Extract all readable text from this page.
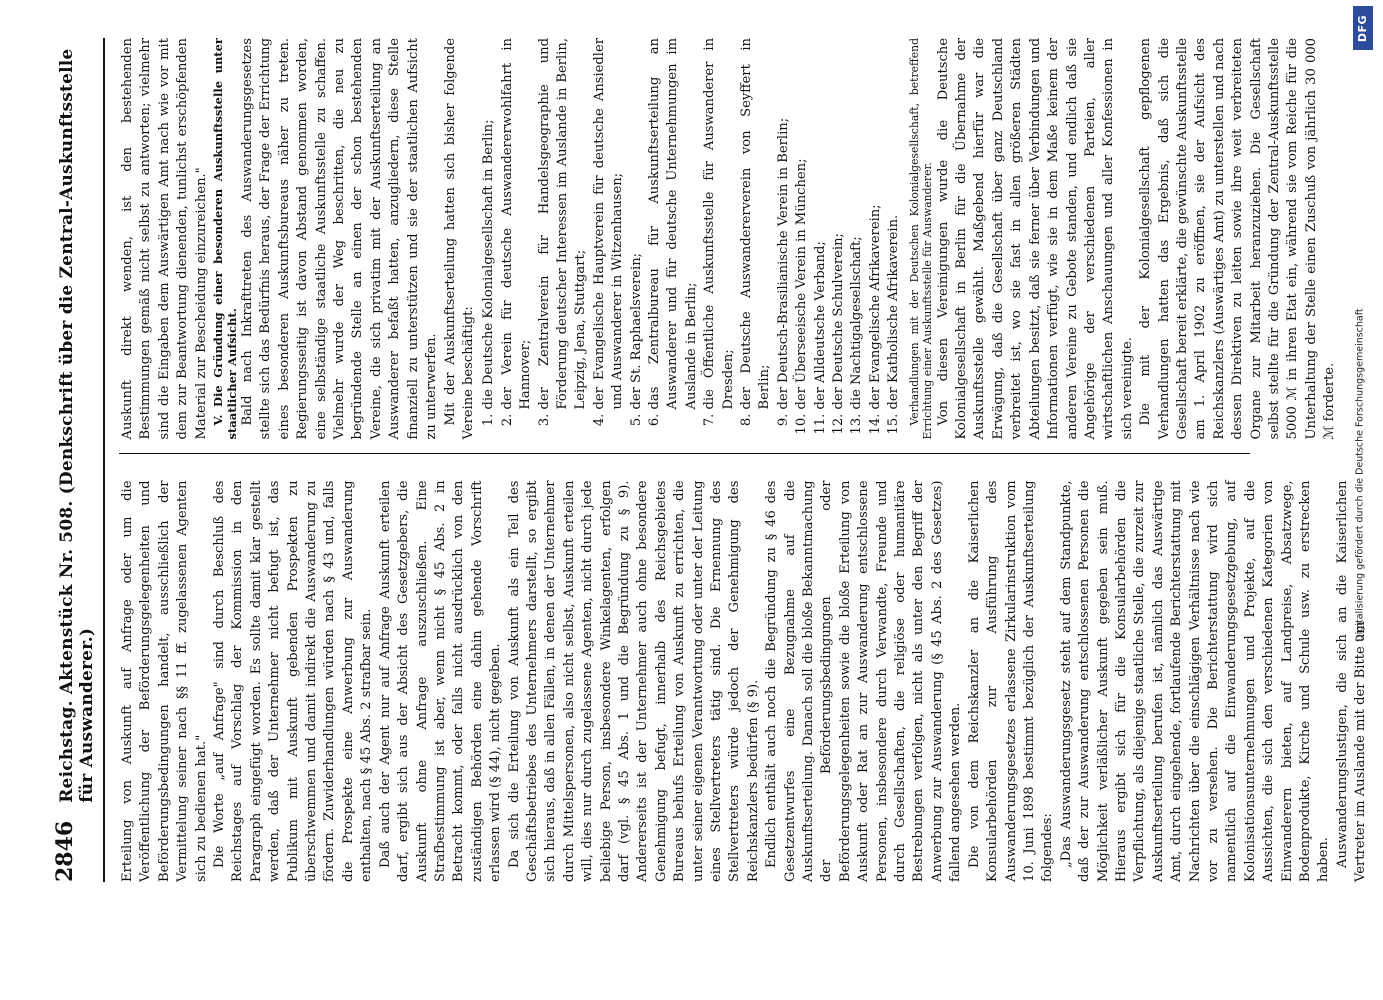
2846
Reichstag. Aktenstück Nr. 508. (Denkschrift über die Zentral-Auskunftsstelle für Auswanderer.) Erteilung von Auskunft auf Anfrage oder um die Veröffentlichung der Beförderungsgelegenheiten und Beförderungsbedingungen handelt, ausschließlich der Vermittelung seiner nach §§ 11 ff. zugelassenen Agenten sich zu bedienen hat." Die Worte „auf Anfrage" sind durch Beschluß des Reichstages auf Vorschlag der Kommission in den Paragraph eingefügt worden. Es sollte damit klar gestellt werden, daß der Unternehmer nicht befugt ist, das Publikum mit Auskunft gebenden Prospekten zu überschwemmen und damit indirekt die Auswanderung zu fördern. Zuwiderhandlungen würden nach § 43 und, falls die Prospekte eine Anwerbung zur Auswanderung enthalten, nach § 45 Abs. 2 strafbar sein. Daß auch der Agent nur auf Anfrage Auskunft erteilen darf, ergibt sich aus der Absicht des Gesetzgebers, die Auskunft ohne Anfrage auszuschließen. Eine Strafbestimmung ist aber, wenn nicht § 45 Abs. 2 in Betracht kommt, oder falls nicht ausdrücklich von den zuständigen Behörden eine dahin gehende Vorschrift erlassen wird (§ 44), nicht gegeben. Da sich die Erteilung von Auskunft als ein Teil des Geschäftsbetriebes des Unternehmers darstellt, so ergibt sich hieraus, daß in allen Fällen, in denen der Unternehmer durch Mittelspersonen, also nicht selbst, Auskunft erteilen will, dies nur durch zugelassene Agenten, nicht durch jede beliebige Person, insbesondere Winkelagenten, erfolgen darf (vgl. § 45 Abs. 1 und die Begründung zu § 9). Andererseits ist der Unternehmer auch ohne besondere Genehmigung befugt, innerhalb des Reichsgebietes Bureaus behufs Erteilung von Auskunft zu errichten, die unter seiner eigenen Verantwortung oder unter der Leitung eines Stellvertreters tätig sind. Die Ernennung des Stellvertreters würde jedoch der Genehmigung des Reichskanzlers bedürfen (§ 9). Endlich enthält auch noch die Begründung zu § 46 des Gesetzentwurfes eine Bezugnahme auf die Auskunftserteilung. Danach soll die bloße Bekanntmachung der Beförderungsbedingungen oder Beförderungsgelegenheiten sowie die bloße Erteilung von Auskunft oder Rat an zur Auswanderung entschlossene Personen, insbesondere durch Verwandte, Freunde und durch Gesellschaften, die religiöse oder humanitäre Bestrebungen verfolgen, nicht als unter den Begriff der Anwerbung zur Auswanderung (§ 45 Abs. 2 des Gesetzes) fallend angesehen werden. Die von dem Reichskanzler an die Kaiserlichen Konsularbehörden zur Ausführung des Auswanderungsgesetzes erlassene Zirkularinstruktion vom 10. Juni 1898 bestimmt bezüglich der Auskunftserteilung folgendes: „Das Auswanderungsgesetz steht auf dem Standpunkte, daß der zur Auswanderung entschlossenen Personen die Möglichkeit verläßlicher Auskunft gegeben sein muß. Hieraus ergibt sich für die Konsularbehörden die Verpflichtung, als diejenige staatliche Stelle, die zurzeit zur Auskunftserteilung berufen ist, nämlich das Auswärtige Amt, durch eingehende, fortlaufende Berichterstattung mit Nachrichten über die einschlägigen Verhältnisse nach wie vor zu versehen. Die Berichterstattung wird sich namentlich auf die Einwanderungsgesetzgebung, auf Kolonisationsunternehmungen und Projekte, auf die Aussichten, die sich den verschiedenen Kategorien von Einwanderern bieten, auf Landpreise, Absatzwege, Bodenprodukte, Kirche und Schule usw. zu erstrecken haben. Auswanderungslustigen, die sich an die Kaiserlichen Vertreter im Auslande mit der Bitte um

Auskunft direkt wenden, ist den bestehenden Bestimmungen gemäß nicht selbst zu antworten; vielmehr sind die Eingaben dem Auswärtigen Amt nach wie vor mit dem zur Beantwortung dienenden, tunlichst erschöpfenden Material zur Bescheidung einzureichen." V. Die Gründung einer besonderen Auskunftsstelle unter staatlicher Aufsicht. Bald nach Inkrafttreten des Auswanderungsgesetzes stellte sich das Bedürfnis heraus, der Frage der Errichtung eines besonderen Auskunftsbureaus näher zu treten. Regierungsseitig ist davon Abstand genommen worden, eine selbständige staatliche Auskunftsstelle zu schaffen. Vielmehr wurde der Weg beschritten, die neu zu begründende Stelle an einen der schon bestehenden Vereine, die sich privatim mit der Auskunftserteilung an Auswanderer befaßt hatten, anzugliedern, diese Stelle finanziell zu unterstützen und sie der staatlichen Aufsicht zu unterwerfen. Mit der Auskunftserteilung hatten sich bisher folgende Vereine beschäftigt: 1. die Deutsche Kolonialgesellschaft in Berlin; 2. der Verein für deutsche Auswandererwohlfahrt in Hannover; 3. der Zentralverein für Handelsgeographie und Förderung deutscher Interessen im Auslande in Berlin, Leipzig, Jena, Stuttgart; 4. der Evangelische Hauptverein für deutsche Ansiedler und Auswanderer in Witzenhausen; 5. der St. Raphaelsverein; 6. das Zentralbureau für Auskunftserteilung an Auswanderer und für deutsche Unternehmungen im Auslande in Berlin; 7. die Öffentliche Auskunftsstelle für Auswanderer in Dresden; 8. der Deutsche Auswandererverein von Seyffert in Berlin; 9. der Deutsch-Brasilianische Verein in Berlin; 10. der Überseeische Verein in München; 11. der Alldeutsche Verband; 12. der Deutsche Schulverein; 13. die Nachtigalgesellschaft; 14. der Evangelische Afrikaverein; 15. der Katholische Afrikaverein. Verhandlungen mit der Deutschen Kolonialgesellschaft, betreffend Errichtung einer Auskunftsstelle für Auswanderer. Von diesen Vereinigungen wurde die Deutsche Kolonialgesellschaft in Berlin für die Übernahme der Auskunftsstelle gewählt. Maßgebend hierfür war die Erwägung, daß die Gesellschaft über ganz Deutschland verbreitet ist, wo sie fast in allen größeren Städten Abteilungen besitzt, daß sie ferner über Verbindungen und Informationen verfügt, wie sie in dem Maße keinem der anderen Vereine zu Gebote standen, und endlich daß sie Angehörige der verschiedenen Parteien, aller wirtschaftlichen Anschauungen und aller Konfessionen in sich vereinigte. Die mit der Kolonialgesellschaft gepflogenen Verhandlungen hatten das Ergebnis, daß sich die Gesellschaft bereit erklärte, die gewünschte Auskunftsstelle am 1. April 1902 zu eröffnen, sie der Aufsicht des Reichskanzlers (Auswärtiges Amt) zu unterstellen und nach dessen Direktiven zu leiten sowie ihre weit verbreiteten Organe zur Mitarbeit heranzuziehen. Die Gesellschaft selbst stellte für die Gründung der Zentral-Auskunftsstelle 5000 ℳ in ihren Etat ein, während sie vom Reiche für die Unterhaltung der Stelle einen Zuschuß von jährlich 30 000 ℳ forderte.

DFG
Digitalisierung gefördert durch die Deutsche Forschungsgemeinschaft
